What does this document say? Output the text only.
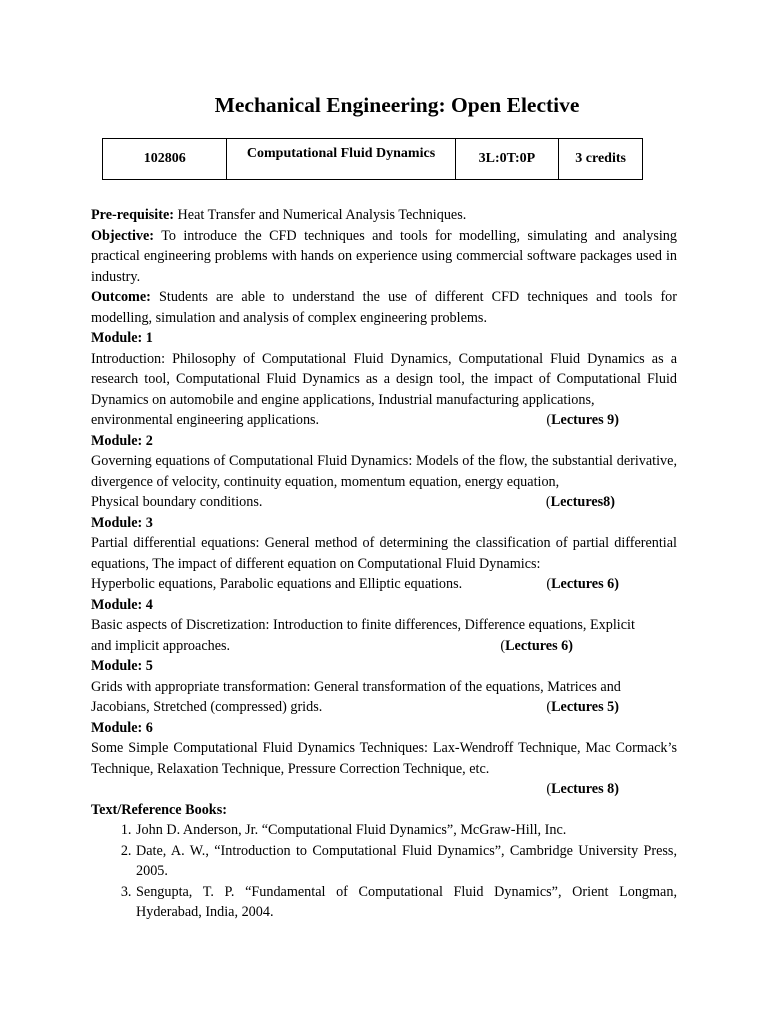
Mechanical Engineering: Open Elective
102806	Computational Fluid Dynamics	3L:0T:0P	3 credits

Pre-requisite: Heat Transfer and Numerical Analysis Techniques.

Objective: To introduce the CFD techniques and tools for modelling, simulating and analysing practical engineering problems with hands on experience using commercial software packages used in industry.

Outcome: Students are able to understand the use of different CFD techniques and tools for modelling, simulation and analysis of complex engineering problems.

Module: 1

Introduction: Philosophy of Computational Fluid Dynamics, Computational Fluid Dynamics as a research tool, Computational Fluid Dynamics as a design tool, the impact of Computational Fluid Dynamics on automobile and engine applications, Industrial manufacturing applications,

environmental engineering applications.	(Lectures 9)

Module: 2

Governing equations of Computational Fluid Dynamics: Models of the flow, the substantial derivative, divergence of velocity, continuity equation, momentum equation, energy equation,

Physical boundary conditions.	(Lectures8)

Module: 3

Partial differential equations: General method of determining the classification of partial differential equations, The impact of different equation on Computational Fluid Dynamics:

Hyperbolic equations, Parabolic equations and Elliptic equations.	(Lectures 6)

Module: 4

Basic aspects of Discretization: Introduction to finite differences, Difference equations, Explicit

and implicit approaches.	(Lectures 6)

Module: 5

Grids with appropriate transformation: General transformation of the equations, Matrices and

Jacobians, Stretched (compressed) grids.	(Lectures 5)

Module: 6

Some Simple Computational Fluid Dynamics Techniques: Lax-Wendroff Technique, Mac Cormack’s Technique, Relaxation Technique, Pressure Correction Technique, etc.

(Lectures 8)

Text/Reference Books:

1. John D. Anderson, Jr. “Computational Fluid Dynamics”, McGraw-Hill, Inc.
2. Date, A. W., “Introduction to Computational Fluid Dynamics”, Cambridge University Press, 2005.
3. Sengupta, T. P. “Fundamental of Computational Fluid Dynamics”, Orient Longman, Hyderabad, India, 2004.
